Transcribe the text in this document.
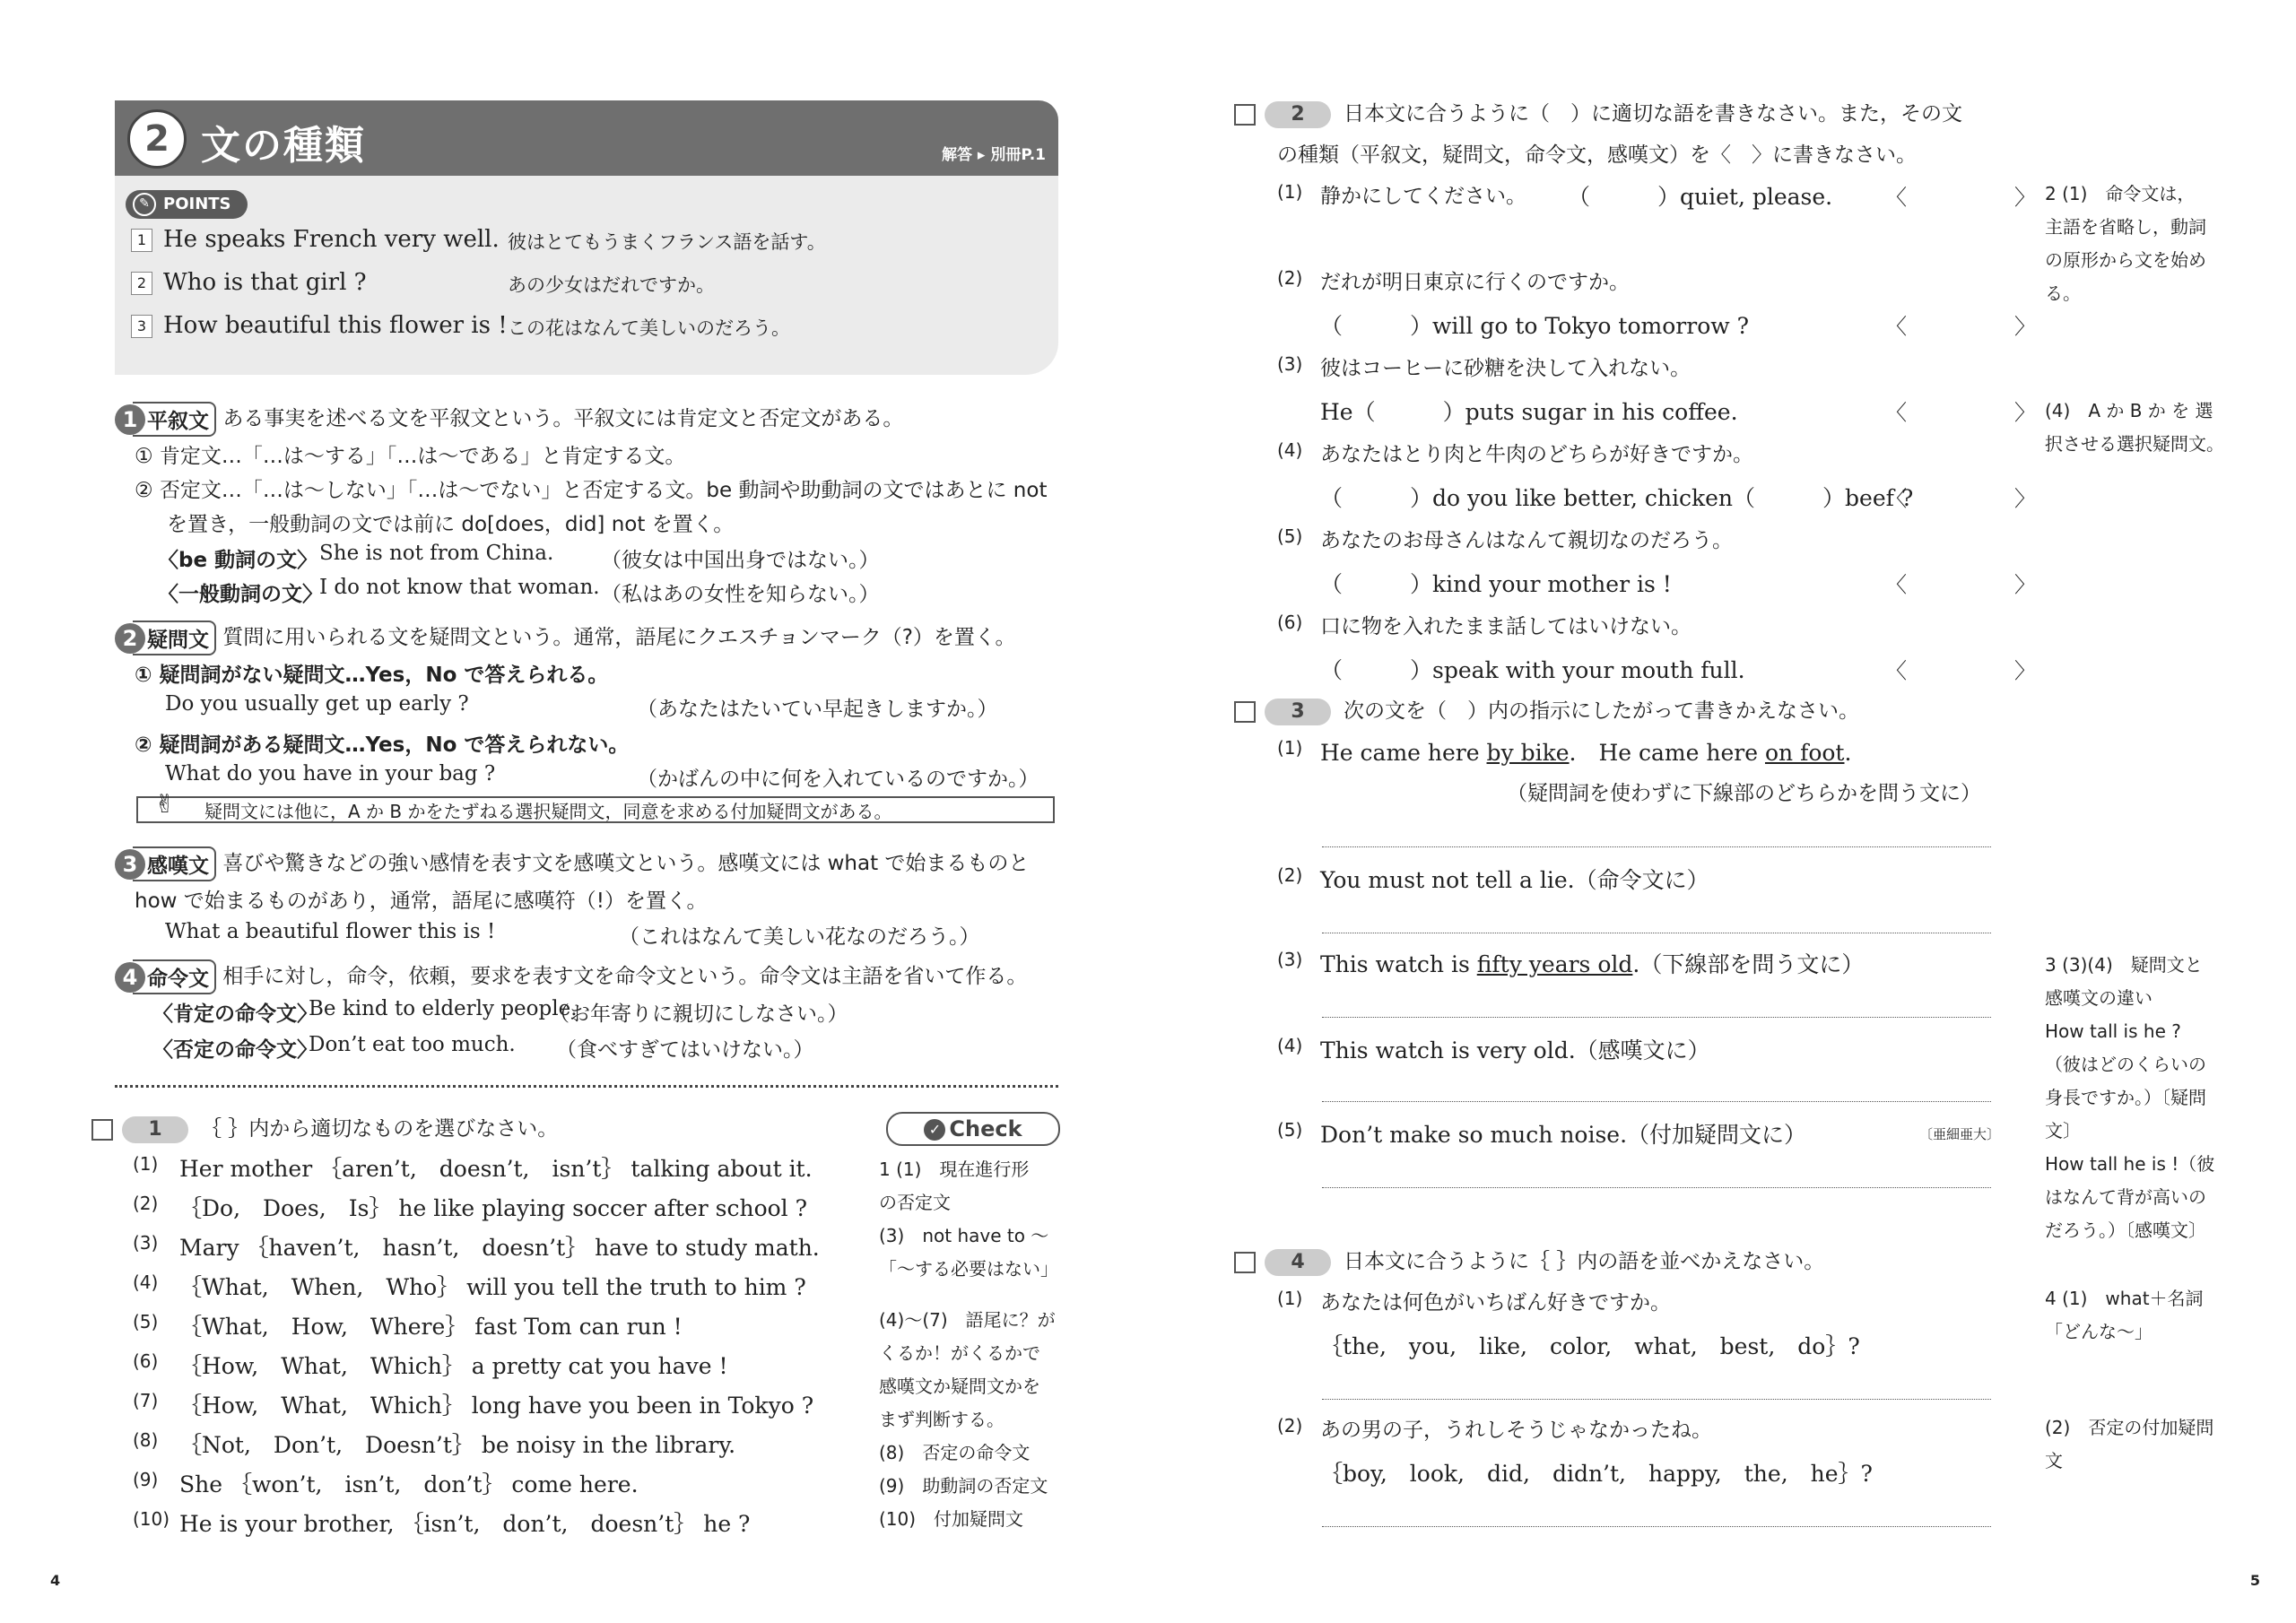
2 文の種類	解答 ▸ 別冊P.1
✎ POINTS
1 He speaks French very well. 彼はとてもうまくフランス語を話す。
2 Who is that girl ?	あの少女はだれですか。
3 How beautiful this flower is ! この花はなんて美しいのだろう。
1 平叙文 ある事実を述べる文を平叙文という。平叙文には肯定文と否定文がある。
① 肯定文…「…は～する」「…は～である」と肯定する文。
② 否定文…「…は～しない」「…は～でない」と否定する文。be 動詞や助動詞の文ではあとに not
を置き，一般動詞の文では前に do[does，did] not を置く。
〈be 動詞の文〉 She is not from China. （彼女は中国出身ではない。）
〈一般動詞の文〉
I do not know that woman. （私はあの女性を知らない。）
2 疑問文 質問に用いられる文を疑問文という。通常，語尾にクエスチョンマーク（?）を置く。
① 疑問詞がない疑問文…Yes，No で答えられる。
Do you usually get up early ?	（あなたはたいてい早起きしますか。）
② 疑問詞がある疑問文…Yes，No で答えられない。
What do you have in your bag ?	（かばんの中に何を入れているのですか。）
✌ 疑問文には他に，A か B かをたずねる選択疑問文，同意を求める付加疑問文がある。
3 感嘆文 喜びや驚きなどの強い感情を表す文を感嘆文という。感嘆文には what で始まるものと
how で始まるものがあり，通常，語尾に感嘆符（!）を置く。
What a beautiful flower this is !	（これはなんて美しい花なのだろう。）
4 命令文 相手に対し，命令，依頼，要求を表す文を命令文という。命令文は主語を省いて作る。
〈肯定の命令文〉
Be kind to elderly people.
（お年寄りに親切にしなさい。）
〈否定の命令文〉
Don’t eat too much. （食べすぎてはいけない。）
1 ｛ ｝内から適切なものを選びなさい。	✓ Check
(1) Her mother ｛aren’t,　doesn’t,　isn’t｝ talking about it.
(2) ｛Do,　Does,　Is｝ he like playing soccer after school ?
(3) Mary ｛haven’t,　hasn’t,　doesn’t｝ have to study math.
(4) ｛What,　When,　Who｝ will you tell the truth to him ?
(5) ｛What,　How,　Where｝ fast Tom can run !
(6) ｛How,　What,　Which｝ a pretty cat you have !
(7) ｛How,　What,　Which｝ long have you been in Tokyo ?
(8) ｛Not,　Don’t,　Doesn’t｝ be noisy in the library.
(9) She ｛won’t,　isn’t,　don’t｝ come here.
(10) He is your brother, ｛isn’t,　don’t,　doesn’t｝ he ?
1 (1)　現在進行形
の否定文
(3)　not have to ～
「～する必要はない」
(4)～(7)　語尾に？が
くるか！がくるかで
感嘆文か疑問文かを
まず判断する。
(8)　否定の命令文
(9)　助動詞の否定文
(10)　付加疑問文
4
2 日本文に合うように（　）に適切な語を書きなさい。また，その文
の種類（平叙文，疑問文，命令文，感嘆文）を〈　〉に書きなさい。
(1) 静かにしてください。 （　　　）quiet, please. 〈　　　　　〉
(2) だれが明日東京に行くのですか。
（　　　）will go to Tokyo tomorrow ?	〈　　　　　〉
(3) 彼はコーヒーに砂糖を決して入れない。
He（　　　）puts sugar in his coffee.	〈　　　　　〉
(4) あなたはとり肉と牛肉のどちらが好きですか。
（　　　）do you like better, chicken（　　　）beef ?
〈　　　　　〉
(5) あなたのお母さんはなんて親切なのだろう。
（　　　）kind your mother is !	〈　　　　　〉
(6) 口に物を入れたまま話してはいけない。
（　　　）speak with your mouth full.	〈　　　　　〉
2 (1)　命令文は，
主語を省略し，動詞
の原形から文を始め
る。
(4)　A か B か を 選
択させる選択疑問文。
3 次の文を（　）内の指示にしたがって書きかえなさい。
(1) He came here by bike.　He came here on foot.
（疑問詞を使わずに下線部のどちらかを問う文に）
(2) You must not tell a lie.（命令文に）
(3) This watch is fifty years old.（下線部を問う文に）
(4) This watch is very old.（感嘆文に）
(5) Don’t make so much noise.（付加疑問文に）	〔亜細亜大〕
3 (3)(4)　疑問文と
感嘆文の違い
How tall is he ?
（彼はどのくらいの
身長ですか。）〔疑問
文〕
How tall he is !（彼
はなんて背が高いの
だろう。）〔感嘆文〕
4 日本文に合うように｛ ｝内の語を並べかえなさい。
(1) あなたは何色がいちばん好きですか。
｛the,　you,　like,　color,　what,　best,　do｝?
(2) あの男の子，うれしそうじゃなかったね。
｛boy,　look,　did,　didn’t,　happy,　the,　he｝?
4 (1)　what＋名詞
「どんな～」
(2)　否定の付加疑問
文
5
